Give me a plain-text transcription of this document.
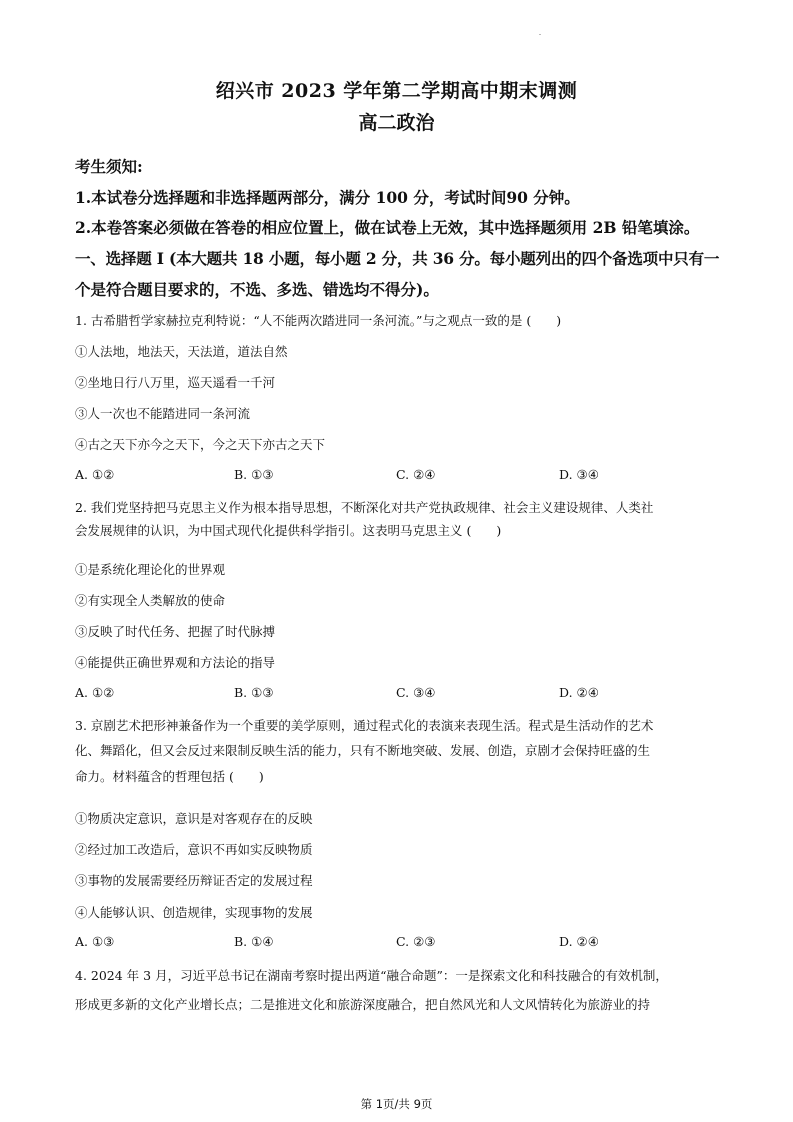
绍兴市 2023 学年第二学期高中期末调测
高二政治
考生须知:
1.本试卷分选择题和非选择题两部分，满分 100 分，考试时间90 分钟。
2.本卷答案必须做在答卷的相应位置上，做在试卷上无效，其中选择题须用 2B 铅笔填涂。
一、选择题 Ⅰ (本大题共 18 小题，每小题 2 分，共 36 分。每小题列出的四个备选项中只有一
个是符合题目要求的，不选、多选、错选均不得分)。
1. 古希腊哲学家赫拉克利特说：“人不能两次踏进同一条河流。”与之观点一致的是 (　　)
①人法地，地法天，天法道，道法自然
②坐地日行八万里，巡天遥看一千河
③人一次也不能踏进同一条河流
④古之天下亦今之天下，今之天下亦古之天下
A. ①②	B. ①③	C. ②④	D. ③④
2. 我们党坚持把马克思主义作为根本指导思想，不断深化对共产党执政规律、社会主义建设规律、人类社
会发展规律的认识，为中国式现代化提供科学指引。这表明马克思主义 (　　)
①是系统化理论化的世界观
②有实现全人类解放的使命
③反映了时代任务、把握了时代脉搏
④能提供正确世界观和方法论的指导
A. ①②	B. ①③	C. ③④	D. ②④
3. 京剧艺术把形神兼备作为一个重要的美学原则，通过程式化的表演来表现生活。程式是生活动作的艺术
化、舞蹈化，但又会反过来限制反映生活的能力，只有不断地突破、发展、创造，京剧才会保持旺盛的生
命力。材料蕴含的哲理包括 (　　)
①物质决定意识，意识是对客观存在的反映
②经过加工改造后，意识不再如实反映物质
③事物的发展需要经历辩证否定的发展过程
④人能够认识、创造规律，实现事物的发展
A. ①③	B. ①④	C. ②③	D. ②④
4. 2024 年 3 月，习近平总书记在湖南考察时提出两道“融合命题”：一是探索文化和科技融合的有效机制，
形成更多新的文化产业增长点；二是推进文化和旅游深度融合，把自然风光和人文风情转化为旅游业的持
第 1页/共 9页
